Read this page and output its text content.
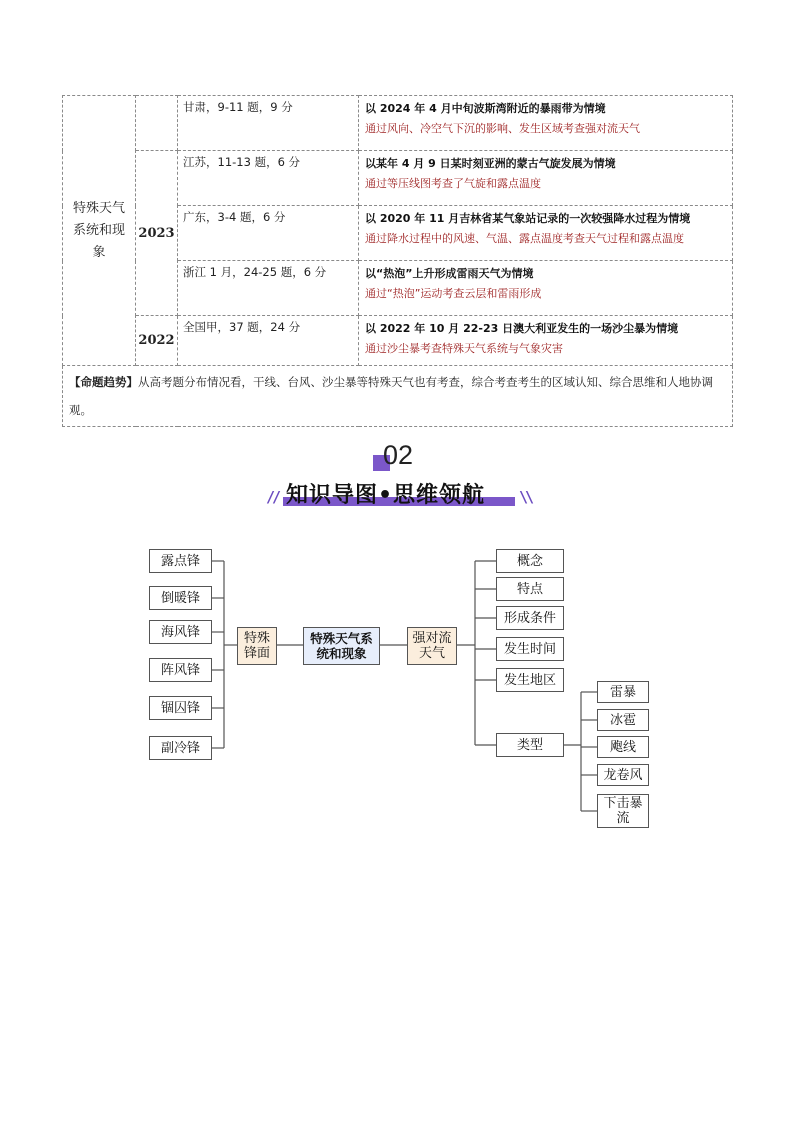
特殊天气系统和现象		甘肃，9-11 题，9 分	以 2024 年 4 月中旬波斯湾附近的暴雨带为情境
通过风向、冷空气下沉的影响、发生区域考查强对流天气

	2023	江苏，11-13 题，6 分	以某年 4 月 9 日某时刻亚洲的蒙古气旋发展为情境
通过等压线图考查了气旋和露点温度

		广东，3-4 题，6 分	以 2020 年 11 月吉林省某气象站记录的一次较强降水过程为情境
通过降水过程中的风速、气温、露点温度考查天气过程和露点温度

		浙江 1 月，24-25 题，6 分	以“热泡”上升形成雷雨天气为情境
通过“热泡”运动考查云层和雷雨形成

	2022	全国甲，37 题，24 分	以 2022 年 10 月 22-23 日澳大利亚发生的一场沙尘暴为情境
通过沙尘暴考查特殊天气系统与气象灾害

【命题趋势】从高考题分布情况看，干线、台风、沙尘暴等特殊天气也有考查，综合考查考生的区域认知、综合思维和人地协调观。			
02
// 知识导图•思维领航 \\
露点锋
倒暖锋
海风锋
阵风锋
锢囚锋
副冷锋
特殊锋面
特殊天气系统和现象
强对流天气
概念
特点
形成条件
发生时间
发生地区
类型
雷暴
冰雹
飑线
龙卷风
下击暴流
